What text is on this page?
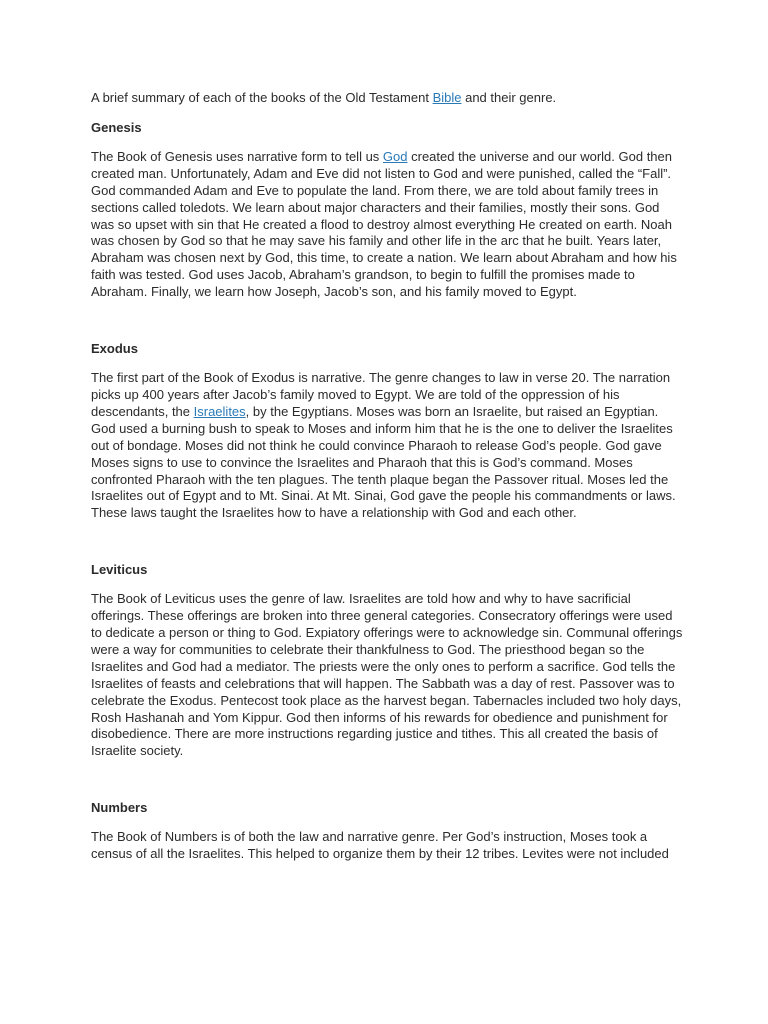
A brief summary of each of the books of the Old Testament Bible and their genre.

Genesis

The Book of Genesis uses narrative form to tell us God created the universe and our world. God then created man. Unfortunately, Adam and Eve did not listen to God and were punished, called the “Fall”. God commanded Adam and Eve to populate the land. From there, we are told about family trees in sections called toledots. We learn about major characters and their families, mostly their sons. God was so upset with sin that He created a flood to destroy almost everything He created on earth. Noah was chosen by God so that he may save his family and other life in the arc that he built. Years later, Abraham was chosen next by God, this time, to create a nation. We learn about Abraham and how his faith was tested. God uses Jacob, Abraham’s grandson, to begin to fulfill the promises made to Abraham. Finally, we learn how Joseph, Jacob’s son, and his family moved to Egypt.

Exodus

The first part of the Book of Exodus is narrative. The genre changes to law in verse 20. The narration picks up 400 years after Jacob’s family moved to Egypt. We are told of the oppression of his descendants, the Israelites, by the Egyptians. Moses was born an Israelite, but raised an Egyptian. God used a burning bush to speak to Moses and inform him that he is the one to deliver the Israelites out of bondage. Moses did not think he could convince Pharaoh to release God’s people. God gave Moses signs to use to convince the Israelites and Pharaoh that this is God’s command. Moses confronted Pharaoh with the ten plagues. The tenth plaque began the Passover ritual. Moses led the Israelites out of Egypt and to Mt. Sinai. At Mt. Sinai, God gave the people his commandments or laws. These laws taught the Israelites how to have a relationship with God and each other.

Leviticus

The Book of Leviticus uses the genre of law. Israelites are told how and why to have sacrificial offerings. These offerings are broken into three general categories. Consecratory offerings were used to dedicate a person or thing to God. Expiatory offerings were to acknowledge sin. Communal offerings were a way for communities to celebrate their thankfulness to God. The priesthood began so the Israelites and God had a mediator. The priests were the only ones to perform a sacrifice. God tells the Israelites of feasts and celebrations that will happen. The Sabbath was a day of rest. Passover was to celebrate the Exodus. Pentecost took place as the harvest began. Tabernacles included two holy days, Rosh Hashanah and Yom Kippur. God then informs of his rewards for obedience and punishment for disobedience. There are more instructions regarding justice and tithes. This all created the basis of Israelite society.

Numbers

The Book of Numbers is of both the law and narrative genre. Per God’s instruction, Moses took a census of all the Israelites. This helped to organize them by their 12 tribes. Levites were not included
